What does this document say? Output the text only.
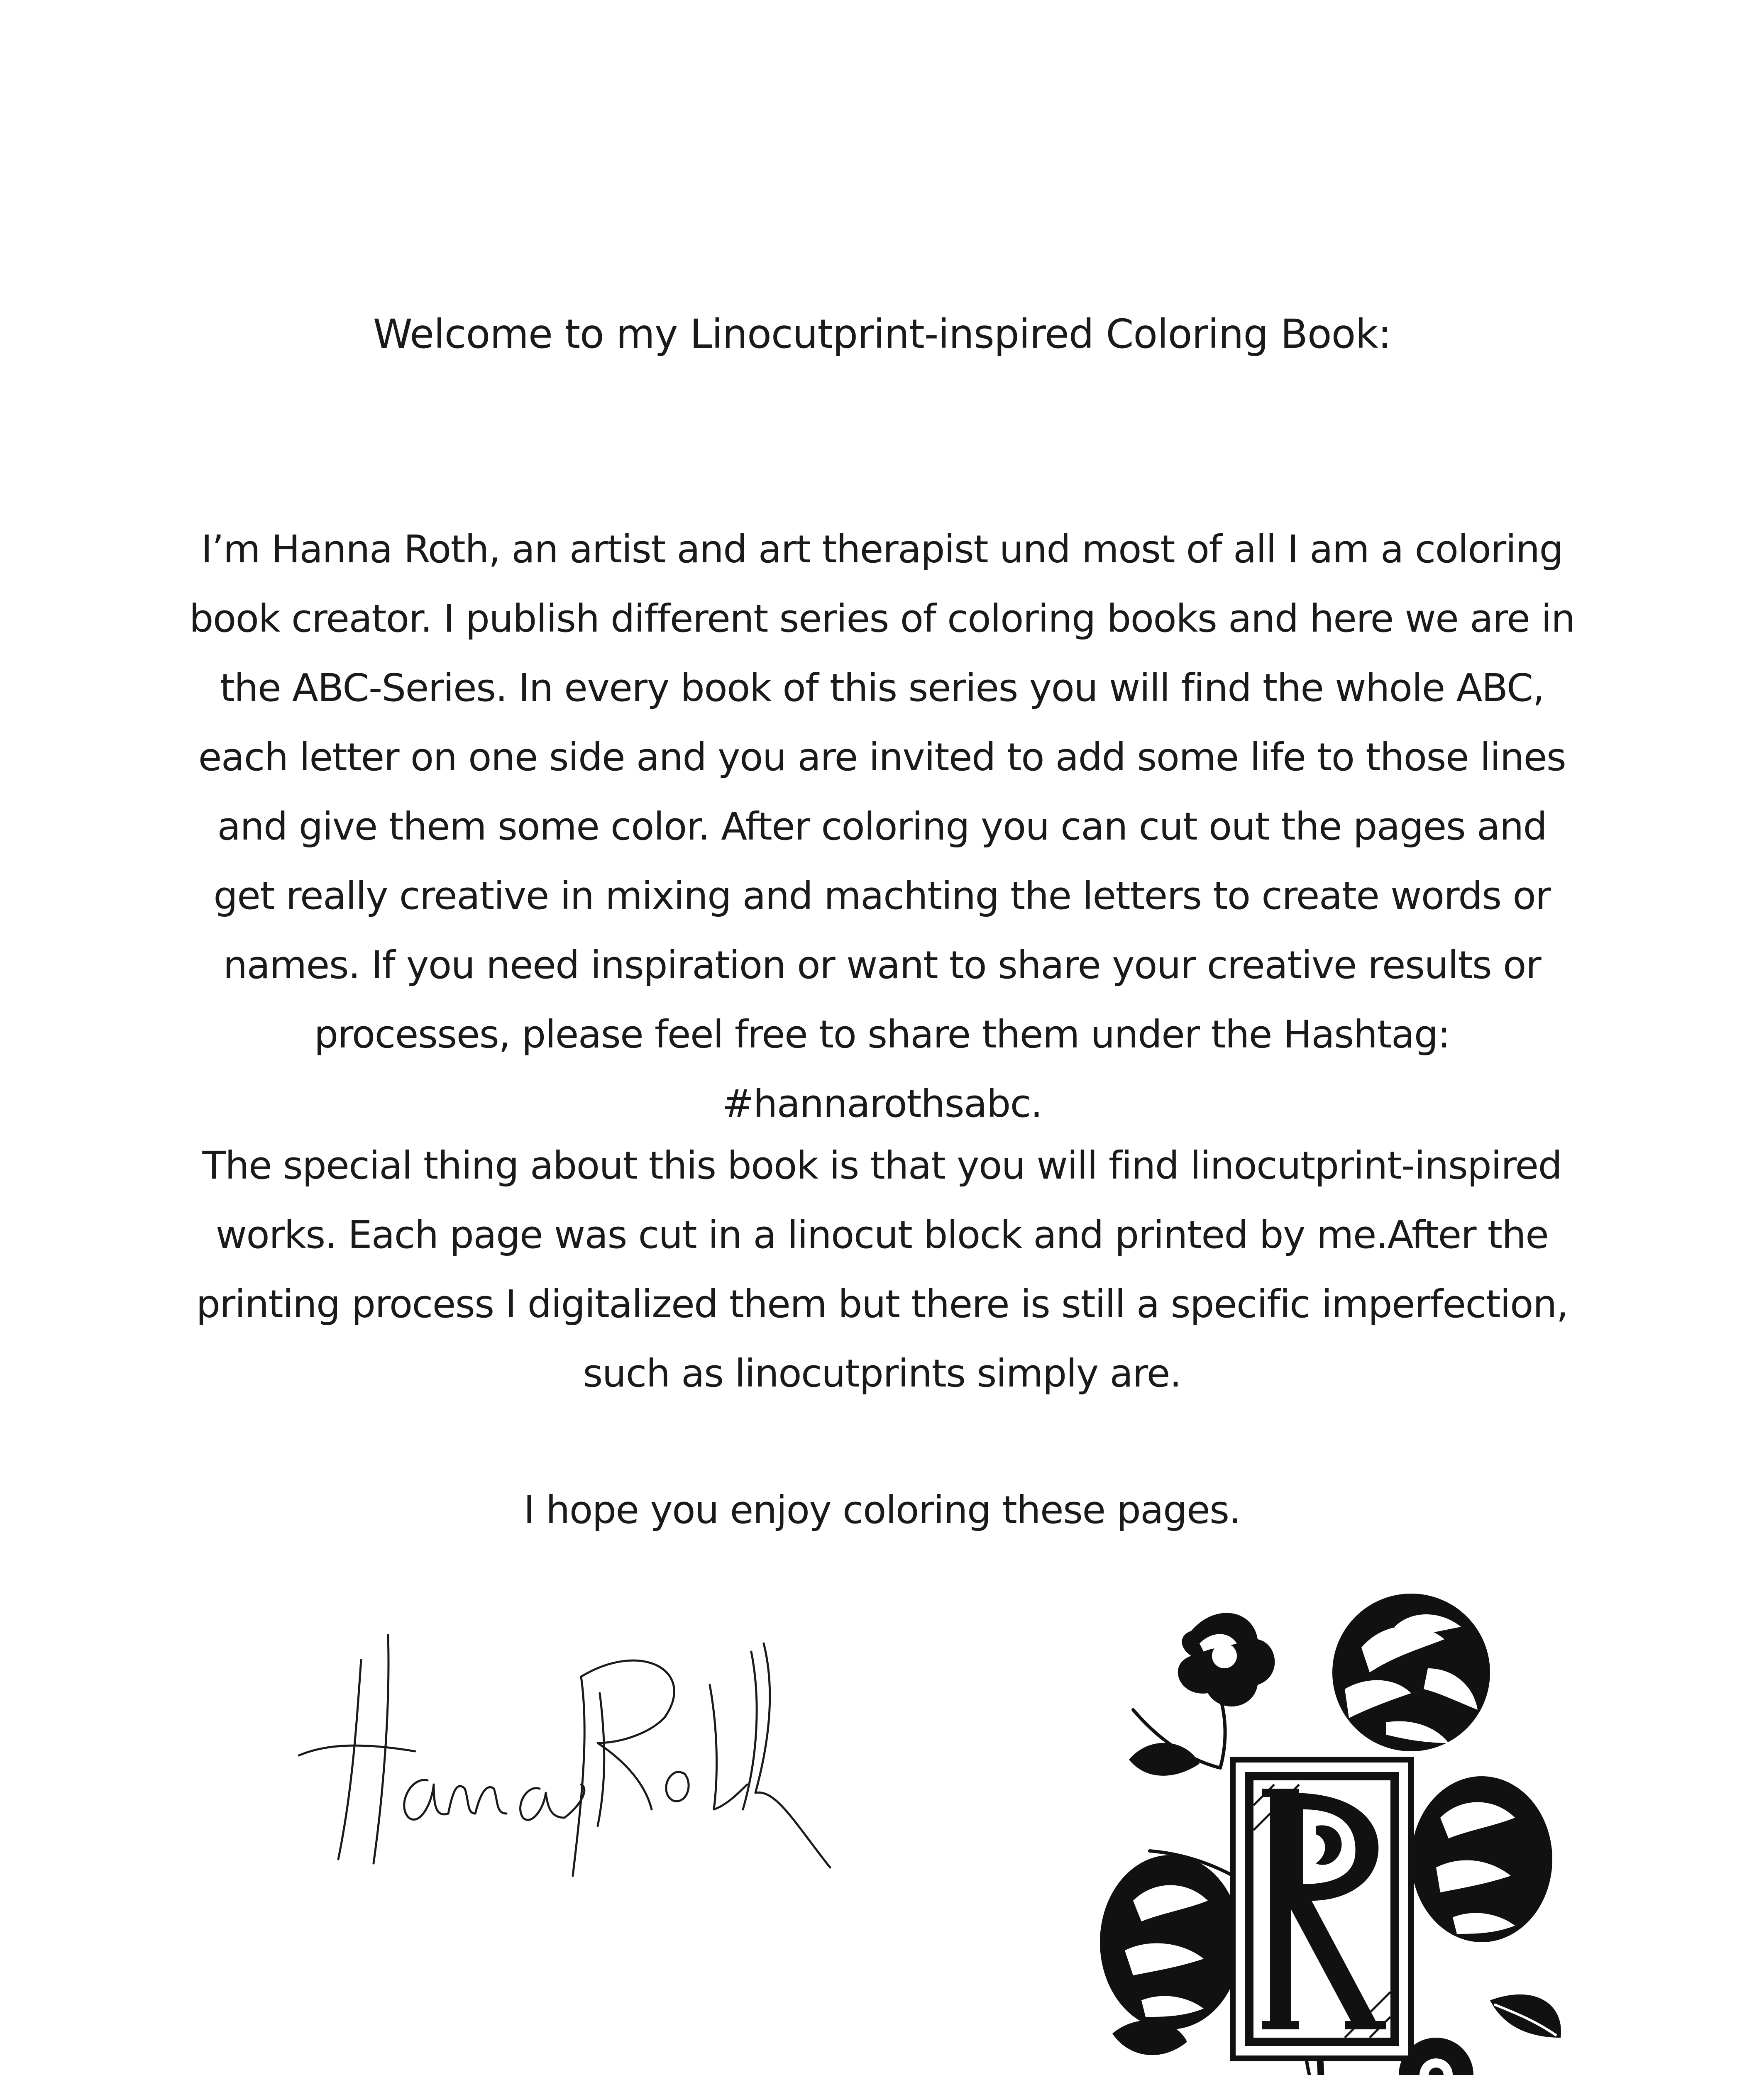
Welcome to my Linocutprint-inspired Coloring Book:

I’m Hanna Roth, an artist and art therapist und most of all I am a coloring book creator. I publish different series of coloring books and here we are in the ABC-Series. In every book of this series you will find the whole ABC, each letter on one side and you are invited to add some life to those lines and give them some color. After coloring you can cut out the pages and get really creative in mixing and machting the letters to create words or names. If you need inspiration or want to share your creative results or processes, please feel free to share them under the Hashtag: #hannarothsabc.

The special thing about this book is that you will find linocutprint-inspired works. Each page was cut in a linocut block and printed by me.After the printing process I digitalized them but there is still a specific imperfection, such as linocutprints simply are.

I hope you enjoy coloring these pages.
